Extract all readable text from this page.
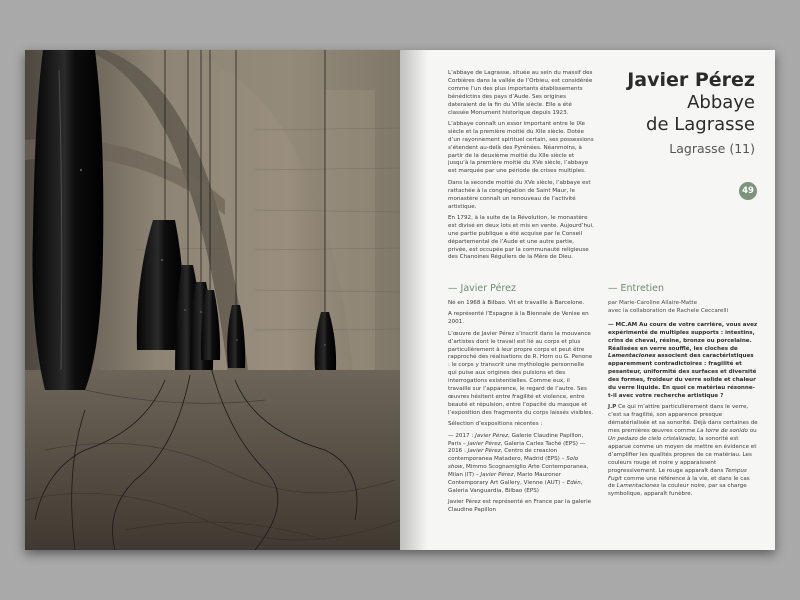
L’abbaye de Lagrasse, située au sein du massif des Corbières dans la vallée de l’Orbieu, est considérée comme l’un des plus importants établissements bénédictins des pays d’Aude. Ses origines dateraient de la fin du VIIIe siècle. Elle a été classée Monument historique depuis 1923.

L’abbaye connaît un essor important entre le IXe siècle et la première moitié du XIIe siècle. Dotée d’un rayonnement spirituel certain, ses possessions s’étendent au-delà des Pyrénées. Néanmoins, à partir de la deuxième moitié du XIIe siècle et jusqu’à la première moitié du XVe siècle, l’abbaye est marquée par une période de crises multiples.

Dans la seconde moitié du XVe siècle, l’abbaye est rattachée à la congrégation de Saint Maur, le monastère connaît un renouveau de l’activité artistique.

En 1792, à la suite de la Révolution, le monastère est divisé en deux lots et mis en vente. Aujourd’hui, une partie publique a été acquise par le Conseil départemental de l’Aude et une autre partie, privée, est occupée par la communauté religieuse des Chanoines Réguliers de la Mère de Dieu.

Javier Pérez
Abbaye
de Lagrasse
Lagrasse (11)
49
— Javier Pérez

Né en 1968 à Bilbao. Vit et travaille à Barcelone.

A représenté l’Espagne à la Biennale de Venise en 2001.

L’œuvre de Javier Pérez s’inscrit dans la mouvance d’artistes dont le travail est lié au corps et plus particulièrement à leur propre corps et peut être rapproché des réalisations de R. Horn ou G. Penone : le corps y transcrit une mythologie personnelle qui puise aux origines des pulsions et des interrogations existentielles. Comme eux, il travaille sur l’apparence, le regard de l’autre. Ses œuvres hésitent entre fragilité et violence, entre beauté et répulsion, entre l’opacité du masque et l’exposition des fragments du corps laissés visibles.

Sélection d’expositions récentes :

— 2017 : Javier Pérez, Galerie Claudine Papillon, Paris – Javier Pérez, Galeria Carles Taché (EPS) — 2016 : Javier Pérez, Centro de creacion contemporanea Matadero, Madrid (EPS) – Solo show, Mimmo Scognamiglio Arte Contemporanea, Milan (IT) – Javier Pérez, Mario Mauroner Contemporary Art Gallery, Vienne (AUT) – Edén, Galeria Vanguardia, Bilbao (EPS)

Javier Pérez est représenté en France par la galerie Claudine Papillon

— Entretien

par Marie-Caroline Allaire-Matte

avec la collaboration de Rachele Ceccarelli

— MC.AM Au cours de votre carrière, vous avez expérimenté de multiples supports : intestins, crins de cheval, résine, bronze ou porcelaine. Réalisées en verre soufflé, les cloches de Lamentaciones associent des caractéristiques apparemment contradictoires : fragilité et pesanteur, uniformité des surfaces et diversité des formes, froideur du verre solide et chaleur du verre liquide. En quoi ce matériau résonne-t-il avec votre recherche artistique ?

J.P Ce qui m’attire particulièrement dans le verre, c’est sa fragilité, son apparence presque dématérialisée et sa sonorité. Déjà dans certaines de mes premières œuvres comme La torre de sonido ou Un pedazo de cielo cristalizado, la sonorité est apparue comme un moyen de mettre en évidence et d’amplifier les qualités propres de ce matériau. Les couleurs rouge et noire y apparaissent progressivement. Le rouge apparaît dans Tempus Fugit comme une référence à la vie, et dans le cas de Lamentaciones la couleur noire, par sa charge symbolique, apparaît funèbre.
